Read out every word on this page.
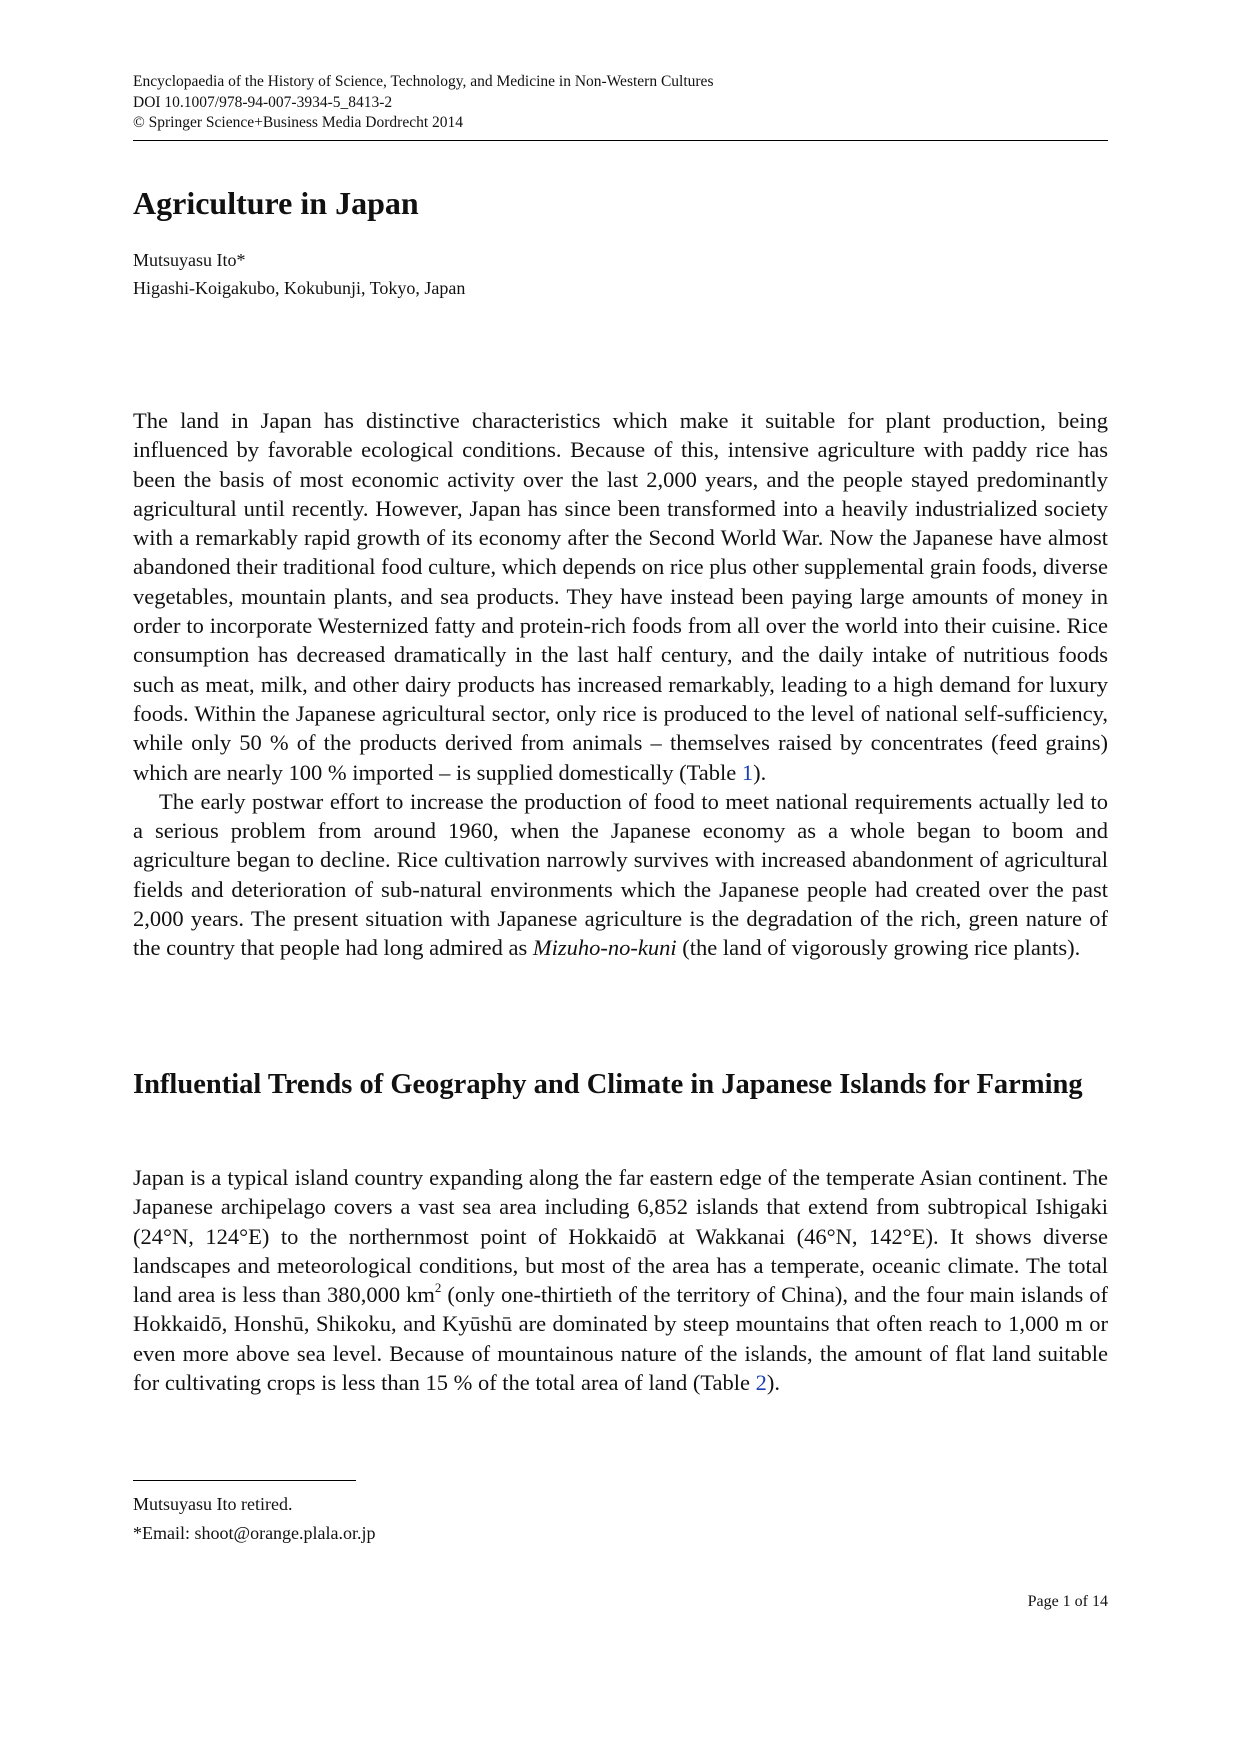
Encyclopaedia of the History of Science, Technology, and Medicine in Non-Western Cultures
DOI 10.1007/978-94-007-3934-5_8413-2
© Springer Science+Business Media Dordrecht 2014
Agriculture in Japan
Mutsuyasu Ito*
Higashi-Koigakubo, Kokubunji, Tokyo, Japan

The land in Japan has distinctive characteristics which make it suitable for plant production, being influenced by favorable ecological conditions. Because of this, intensive agriculture with paddy rice has been the basis of most economic activity over the last 2,000 years, and the people stayed predominantly agricultural until recently. However, Japan has since been transformed into a heavily industrialized society with a remarkably rapid growth of its economy after the Second World War. Now the Japanese have almost abandoned their traditional food culture, which depends on rice plus other supplemental grain foods, diverse vegetables, mountain plants, and sea products. They have instead been paying large amounts of money in order to incorporate Westernized fatty and protein-rich foods from all over the world into their cuisine. Rice consumption has decreased dramatically in the last half century, and the daily intake of nutritious foods such as meat, milk, and other dairy products has increased remarkably, leading to a high demand for luxury foods. Within the Japanese agricultural sector, only rice is produced to the level of national self-sufficiency, while only 50 % of the products derived from animals – themselves raised by concentrates (feed grains) which are nearly 100 % imported – is supplied domestically (Table 1).

The early postwar effort to increase the production of food to meet national requirements actually led to a serious problem from around 1960, when the Japanese economy as a whole began to boom and agriculture began to decline. Rice cultivation narrowly survives with increased abandonment of agricultural fields and deterioration of sub-natural environments which the Japanese people had created over the past 2,000 years. The present situation with Japanese agriculture is the degradation of the rich, green nature of the country that people had long admired as Mizuho-no-kuni (the land of vigorously growing rice plants).

Influential Trends of Geography and Climate in Japanese Islands for Farming

Japan is a typical island country expanding along the far eastern edge of the temperate Asian continent. The Japanese archipelago covers a vast sea area including 6,852 islands that extend from subtropical Ishigaki (24°N, 124°E) to the northernmost point of Hokkaidō at Wakkanai (46°N, 142°E). It shows diverse landscapes and meteorological conditions, but most of the area has a temperate, oceanic climate. The total land area is less than 380,000 $km^2$ (only one-thirtieth of the territory of China), and the four main islands of Hokkaidō, Honshū, Shikoku, and Kyūshū are dominated by steep mountains that often reach to 1,000 m or even more above sea level. Because of mountainous nature of the islands, the amount of flat land suitable for cultivating crops is less than 15 % of the total area of land (Table 2).

Mutsuyasu Ito retired.
*Email: shoot@orange.plala.or.jp
Page 1 of 14
